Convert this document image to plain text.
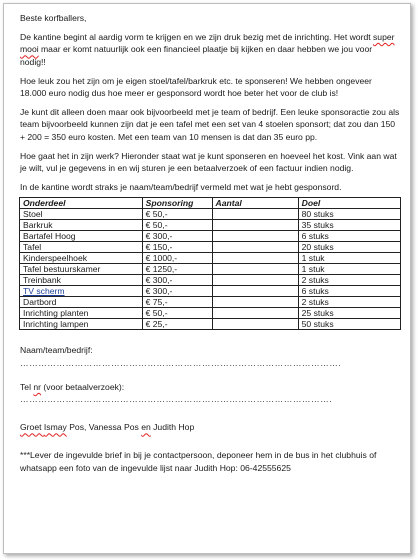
Beste korfballers,

De kantine begint al aardig vorm te krijgen en we zijn druk bezig met de inrichting. Het wordt super mooi maar er komt natuurlijk ook een financieel plaatje bij kijken en daar hebben we jou voor nodig!!

Hoe leuk zou het zijn om je eigen stoel/tafel/barkruk etc. te sponseren! We hebben ongeveer 18.000 euro nodig dus hoe meer er gesponsord wordt hoe beter het voor de club is!

Je kunt dit alleen doen maar ook bijvoorbeeld met je team of bedrijf. Een leuke sponsoractie zou als team bijvoorbeeld kunnen zijn dat je een tafel met een set van 4 stoelen sponsort; dat zou dan 150 + 200 = 350 euro kosten. Met een team van 10 mensen is dat dan 35 euro pp.

Hoe gaat het in zijn werk? Hieronder staat wat je kunt sponseren en hoeveel het kost. Vink aan wat je wilt, vul je gegevens in en wij sturen je een betaalverzoek of een factuur indien nodig.

In de kantine wordt straks je naam/team/bedrijf vermeld met wat je hebt gesponsord.

Onderdeel	Sponsoring	Aantal	Doel
Stoel	€ 50,-		80 stuks
Barkruk	€ 50,-		35 stuks
Bartafel Hoog	€ 300,-		6 stuks
Tafel	€ 150,-		20 stuks
Kinderspeelhoek	€ 1000,-		1 stuk
Tafel bestuurskamer	€ 1250,-		1 stuk
Treinbank	€ 300,-		2 stuks
TV scherm	€ 300,-		6 stuks
Dartbord	€ 75,-		2 stuks
Inrichting planten	€ 50,-		25 stuks
Inrichting lampen	€ 25,-		50 stuks
Naam/team/bedrijf: …………………………………………………………………………………………….
Tel nr (voor betaalverzoek): ………………………………………………………………………………………….
Groet Ismay Pos, Vanessa Pos en Judith Hop
***Lever de ingevulde brief in bij je contactpersoon, deponeer hem in de bus in het clubhuis of whatsapp een foto van de ingevulde lijst naar Judith Hop: 06-42555625
